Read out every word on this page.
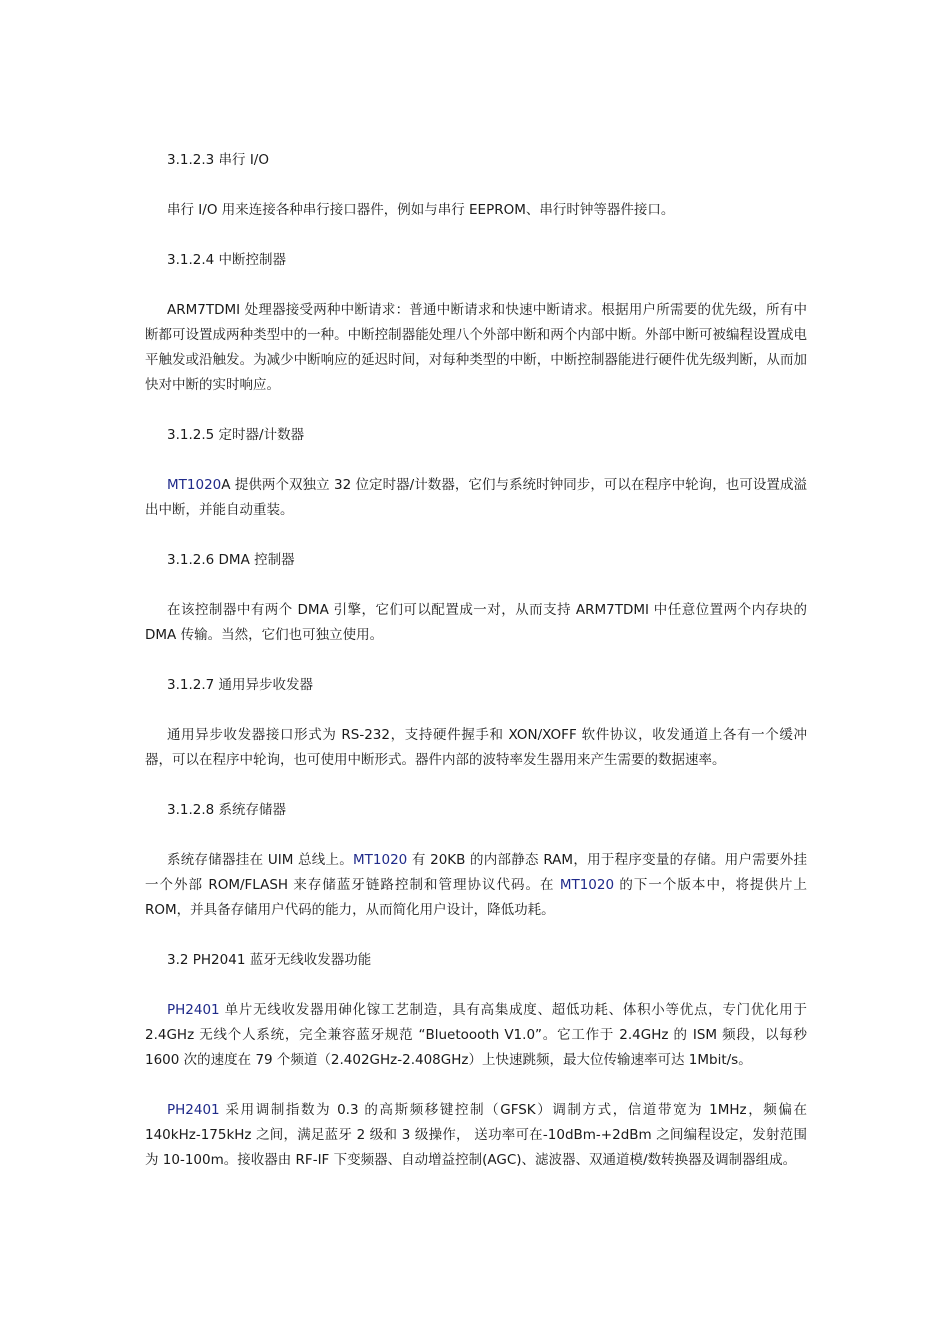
3.1.2.3 串行 I/O

串行 I/O 用来连接各种串行接口器件，例如与串行 EEPROM、串行时钟等器件接口。

3.1.2.4 中断控制器

ARM7TDMI 处理器接受两种中断请求：普通中断请求和快速中断请求。根据用户所需要的优先级，所有中断都可设置成两种类型中的一种。中断控制器能处理八个外部中断和两个内部中断。外部中断可被编程设置成电平触发或沿触发。为减少中断响应的延迟时间，对每种类型的中断，中断控制器能进行硬件优先级判断，从而加快对中断的实时响应。

3.1.2.5 定时器/计数器

MT1020A 提供两个双独立 32 位定时器/计数器，它们与系统时钟同步，可以在程序中轮询，也可设置成溢出中断，并能自动重装。

3.1.2.6 DMA 控制器

在该控制器中有两个 DMA 引擎，它们可以配置成一对，从而支持 ARM7TDMI 中任意位置两个内存块的 DMA 传输。当然，它们也可独立使用。

3.1.2.7 通用异步收发器

通用异步收发器接口形式为 RS-232，支持硬件握手和 XON/XOFF 软件协议，收发通道上各有一个缓冲器，可以在程序中轮询，也可使用中断形式。器件内部的波特率发生器用来产生需要的数据速率。

3.1.2.8 系统存储器

系统存储器挂在 UIM 总线上。MT1020 有 20KB 的内部静态 RAM，用于程序变量的存储。用户需要外挂一个外部 ROM/FLASH 来存储蓝牙链路控制和管理协议代码。在 MT1020 的下一个版本中，将提供片上 ROM，并具备存储用户代码的能力，从而简化用户设计，降低功耗。

3.2 PH2041 蓝牙无线收发器功能

PH2401 单片无线收发器用砷化镓工艺制造，具有高集成度、超低功耗、体积小等优点，专门优化用于 2.4GHz 无线个人系统，完全兼容蓝牙规范 “Bluetoooth V1.0”。它工作于 2.4GHz 的 ISM 频段，以每秒 1600 次的速度在 79 个频道（2.402GHz-2.408GHz）上快速跳频，最大位传输速率可达 1Mbit/s。

PH2401 采用调制指数为 0.3 的高斯频移键控制（GFSK）调制方式，信道带宽为 1MHz，频偏在 140kHz-175kHz 之间，满足蓝牙 2 级和 3 级操作， 送功率可在-10dBm-+2dBm 之间编程设定，发射范围为 10-100m。接收器由 RF-IF 下变频器、自动增益控制(AGC)、滤波器、双通道模/数转换器及调制器组成。
